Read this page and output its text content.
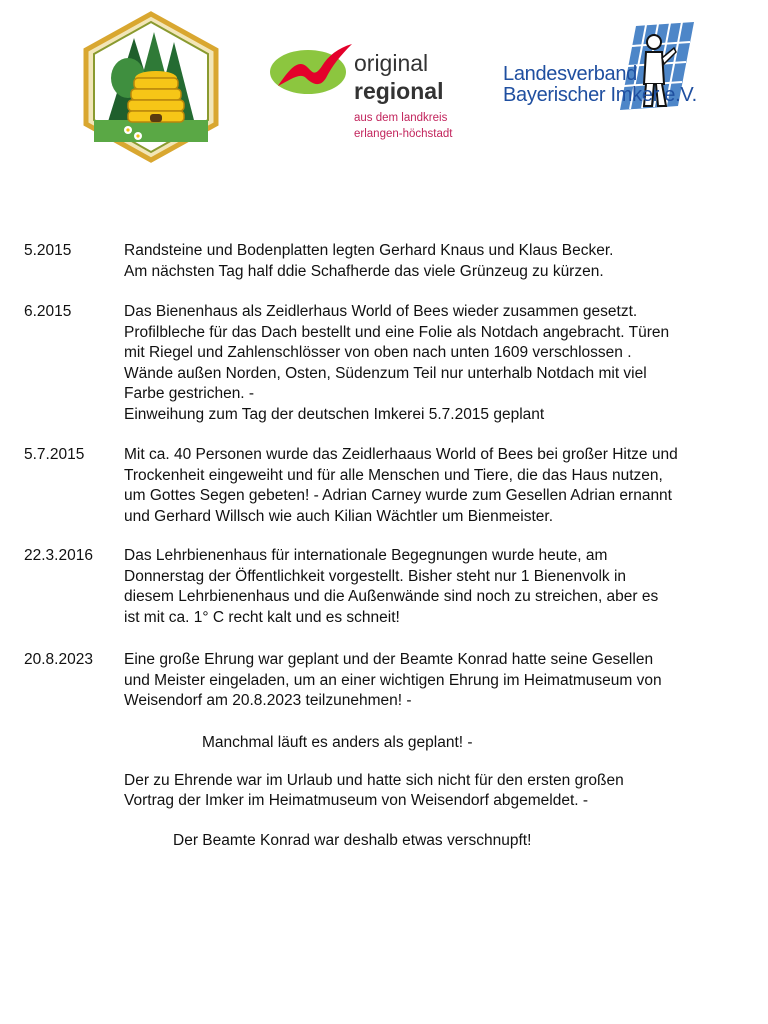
original
regional
aus dem landkreis
erlangen-höchstadt
Landesverband
Bayerischer Imker e.V.
5.2015	Randsteine und Bodenplatten legten Gerhard Knaus und Klaus Becker.
Am nächsten Tag half ddie Schafherde das viele Grünzeug zu kürzen.
6.2015	Das Bienenhaus als Zeidlerhaus World of Bees wieder zusammen gesetzt.
Profilbleche für das Dach bestellt und eine Folie als Notdach angebracht. Türen
mit Riegel und Zahlenschlösser von oben nach unten 1609 verschlossen .
Wände außen Norden, Osten, Südenzum Teil nur unterhalb Notdach mit viel
Farbe gestrichen. -
Einweihung zum Tag der deutschen Imkerei 5.7.2015 geplant
5.7.2015	Mit ca. 40 Personen wurde das Zeidlerhaaus World of Bees bei großer Hitze und
Trockenheit eingeweiht und für alle Menschen und Tiere, die das Haus nutzen,
um Gottes Segen gebeten! - Adrian Carney wurde zum Gesellen Adrian ernannt
und Gerhard Willsch wie auch Kilian Wächtler um Bienmeister.
22.3.2016 Das Lehrbienenhaus für internationale Begegnungen wurde heute, am
Donnerstag der Öffentlichkeit vorgestellt. Bisher steht nur 1 Bienenvolk in
diesem Lehrbienenhaus und die Außenwände sind noch zu streichen, aber es
ist mit ca. 1° C recht kalt und es schneit!
20.8.2023 Eine große Ehrung war geplant und der Beamte Konrad hatte seine Gesellen
und Meister eingeladen, um an einer wichtigen Ehrung im Heimatmuseum von
Weisendorf am 20.8.2023 teilzunehmen! -
Manchmal läuft es anders als geplant! -
Der zu Ehrende war im Urlaub und hatte sich nicht für den ersten großen
Vortrag der Imker im Heimatmuseum von Weisendorf abgemeldet. -
Der Beamte Konrad war deshalb etwas verschnupft!
